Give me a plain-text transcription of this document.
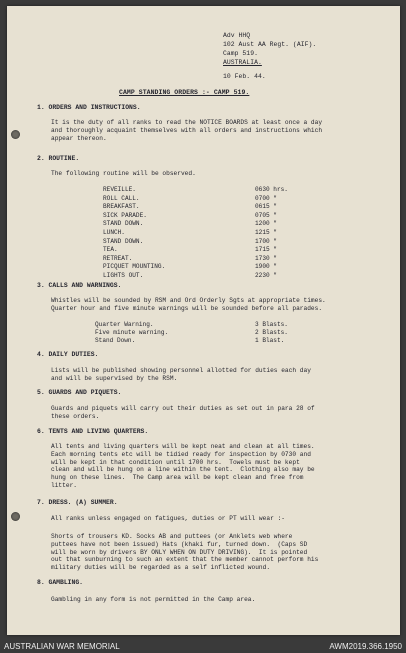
Adv HHQ
102 Aust AA Regt. (AIF).
Camp 519.
AUSTRALIA.
10 Feb. 44.
CAMP STANDING ORDERS :- CAMP 519.
1. ORDERS AND INSTRUCTIONS.
It is the duty of all ranks to read the NOTICE BOARDS at least once a day
and thoroughly acquaint themselves with all orders and instructions which
appear thereon.
2. ROUTINE.
The following routine will be observed.
REVEILLE.
ROLL CALL.
BREAKFAST.
SICK PARADE.
STAND DOWN.
LUNCH.
STAND DOWN.
TEA.
RETREAT.
PICQUET MOUNTING.
LIGHTS OUT.
0630 hrs.
0700 "
0615 "
0705 "
1200 "
1215 "
1700 "
1715 "
1730 "
1900 "
2230 "
3. CALLS AND WARNINGS.
Whistles will be sounded by RSM and Ord Orderly Sgts at appropriate times.
Quarter hour and five minute warnings will be sounded before all parades.
Quarter Warning.
Five minute warning.
Stand Down.
3 Blasts.
2 Blasts.
1 Blast.
4. DAILY DUTIES.
Lists will be published showing personnel allotted for duties each day
and will be supervised by the RSM.
5. GUARDS AND PIQUETS.
Guards and piquets will carry out their duties as set out in para 28 of
these orders.
6. TENTS AND LIVING QUARTERS.
All tents and living quarters will be kept neat and clean at all times.
Each morning tents etc will be tidied ready for inspection by 0730 and
will be kept in that condition until 1700 hrs.  Towels must be kept
clean and will be hung on a line within the tent.  Clothing also may be
hung on these lines.  The Camp area will be kept clean and free from
litter.
7. DRESS. (A) SUMMER.
All ranks unless engaged on fatigues, duties or PT will wear :-
Shorts of trousers KD. Socks AB and puttees (or Anklets web where
puttees have not been issued) Hats (khaki fur, turned down.  (Caps SD
will be worn by drivers BY ONLY WHEN ON DUTY DRIVING).  It is pointed
out that sunburning to such an extent that the member cannot perform his
military duties will be regarded as a self inflicted wound.
8. GAMBLING.
Gambling in any form is not permitted in the Camp area.
AUSTRALIAN WAR MEMORIAL	AWM2019.366.1950
